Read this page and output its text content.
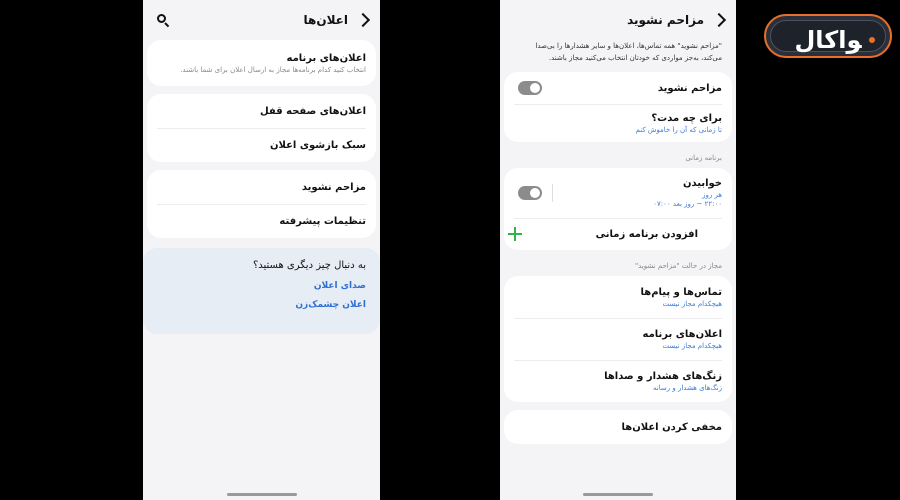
اعلان‌ها
اعلان‌های برنامه
انتخاب کنید کدام برنامه‌ها مجاز به ارسال اعلان برای شما باشند.
اعلان‌های صفحه قفل
سبک بازشوی اعلان
مزاحم نشوید
تنظیمات پیشرفته
به دنبال چیز دیگری هستید؟
صدای اعلان
اعلان چشمک‌زن
مزاحم نشوید
"مزاحم نشوید" همه تماس‌ها، اعلان‌ها و سایر هشدارها را بی‌صدا
می‌کند، به‌جز مواردی که خودتان انتخاب می‌کنید مجاز باشند.
مزاحم نشوید
برای چه مدت؟
تا زمانی که آن را خاموش کنم
برنامه زمانی
خوابیدن
هر روز
۲۲:۰۰ ~ روز بعد ۰۷:۰۰
افزودن برنامه زمانی
مجاز در حالت "مزاحم نشوید"
تماس‌ها و پیام‌ها
هیچکدام مجاز نیست
اعلان‌های برنامه
هیچکدام مجاز نیست
زنگ‌های هشدار و صداها
زنگ‌های هشدار و رسانه
مخفی کردن اعلان‌ها
ﻮﺍﮐﺎﻝ
